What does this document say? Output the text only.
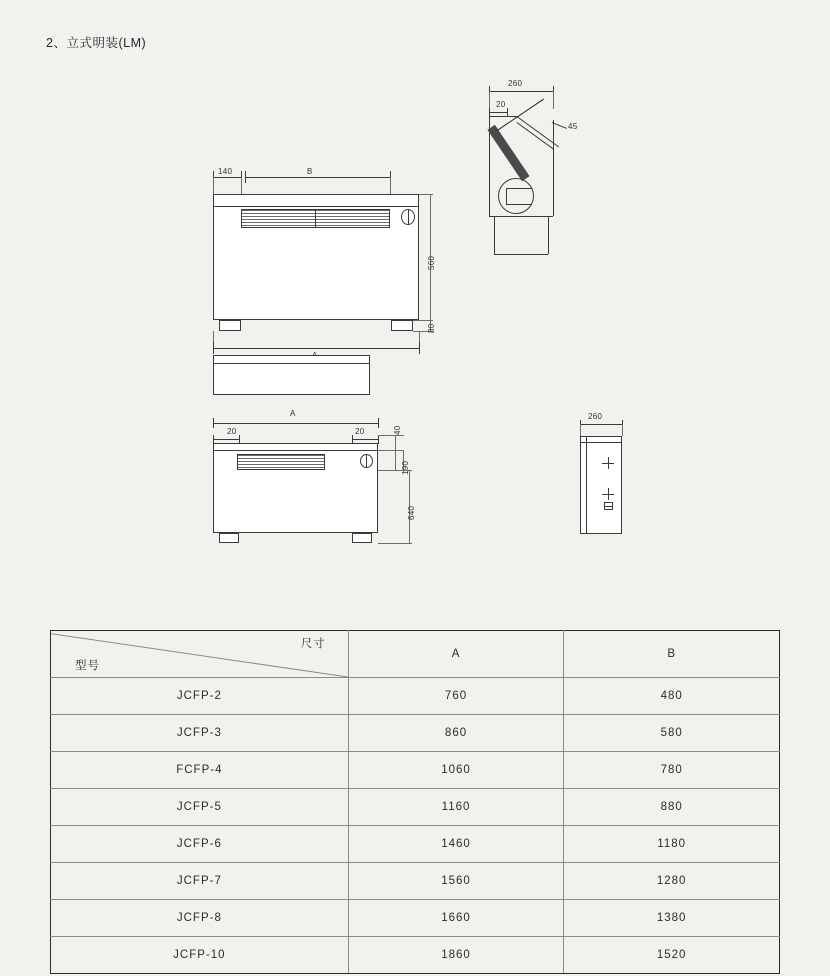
2、立式明装(LM)
140	B
560
80
260
20
45
A
20	20	40
190
640
260
尺寸
型号	A	B
JCFP-2	760	480
JCFP-3	860	580
FCFP-4	1060	780
JCFP-5	1160	880
JCFP-6	1460	1180
JCFP-7	1560	1280
JCFP-8	1660	1380
JCFP-10	1860	1520
